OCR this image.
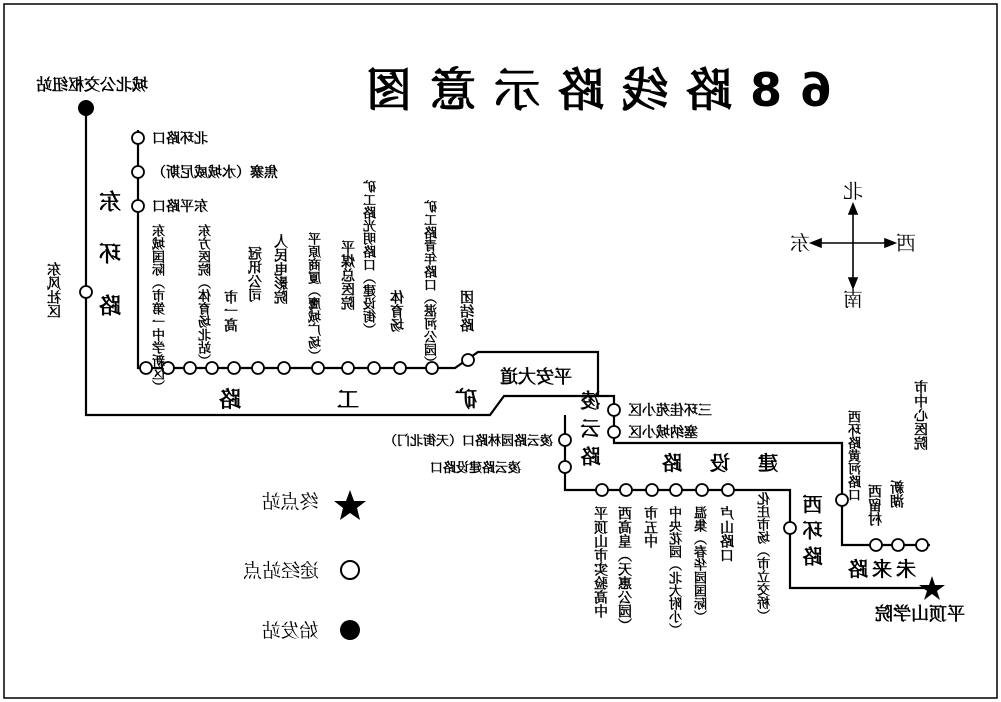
68路线路示意图
城北公交枢纽站
平顶山学院
东环路
矿工路
平安大道
凌云路 建设路
西环路 未来路
北环路口
焦寨（水城威尼斯）
东平路口
东风社区	东城国际（市第一中学新区） 东方医院（体育场北站） 市一高
冠讯公司 人民电影院 平原商厦（鹰城广场） 平煤总医院 矿工路光明路口（建设街） 体育场 矿工路青年路口（湛河公园） 团结路
三环佳苑小区
塞纳城小区
凌云路园林路口（天街北门）
凌云路建设路口
平顶山市实验高中 西高皇（天惠公园） 市五中 中央花园（北大附小） 温集（春华园国际） 卢山路口 化庄市场（市立交桥）
西环路黄河路口
西留村 新湖
市中心医院
北
南
东	西
终点站
途经站点
始发站
